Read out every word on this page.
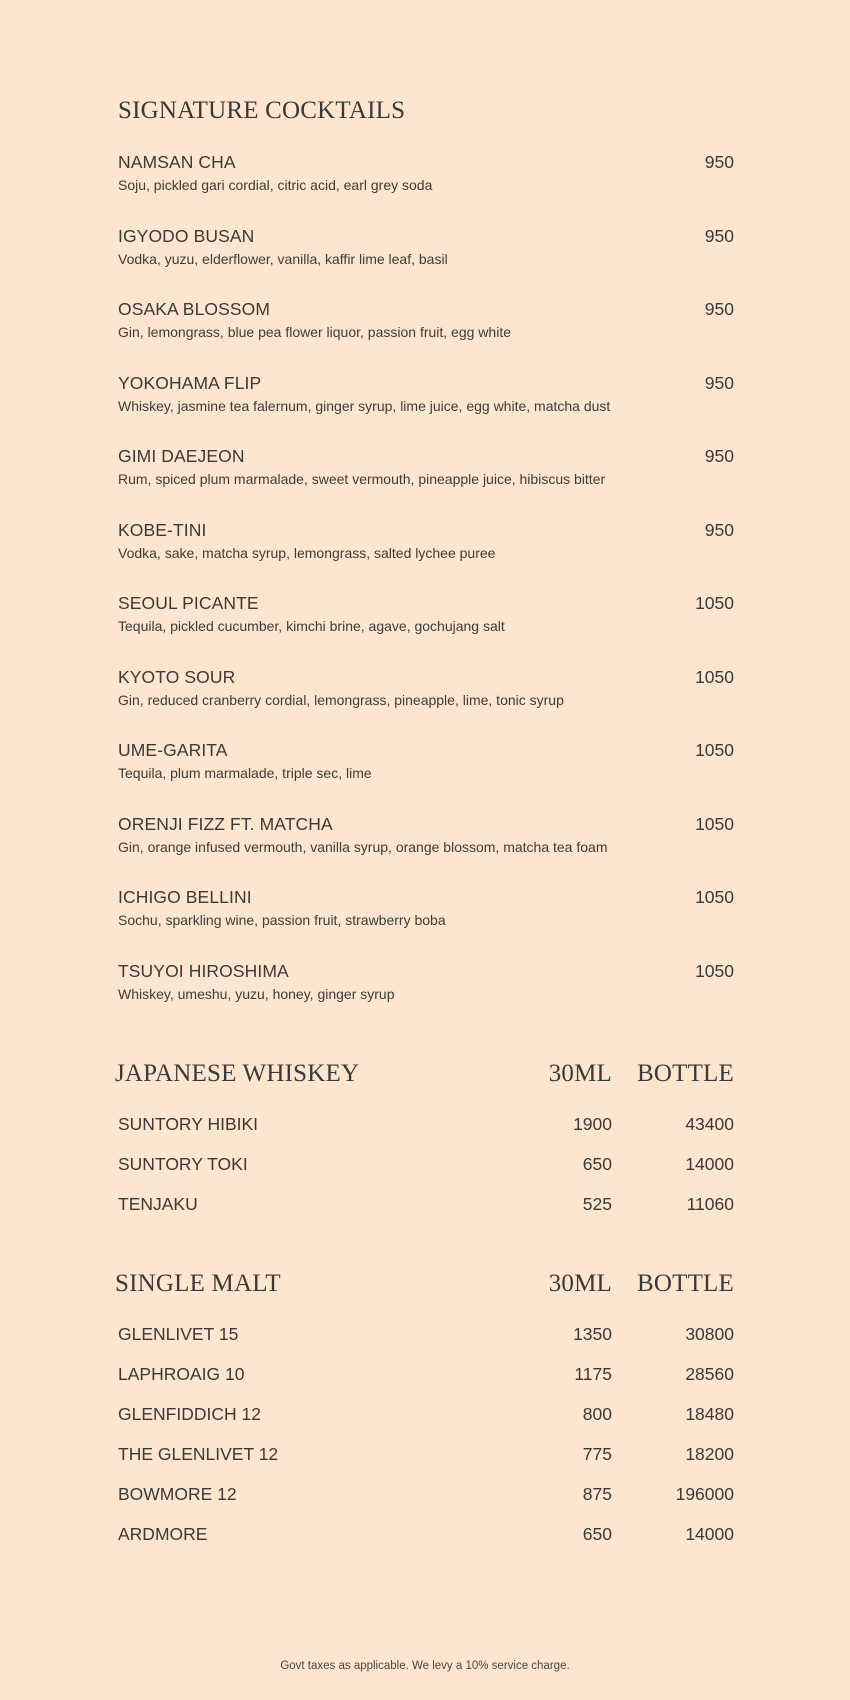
SIGNATURE COCKTAILS
NAMSAN CHA	950
Soju, pickled gari cordial, citric acid, earl grey soda
IGYODO BUSAN	950
Vodka, yuzu, elderflower, vanilla, kaffir lime leaf, basil
OSAKA BLOSSOM	950
Gin, lemongrass, blue pea flower liquor, passion fruit, egg white
YOKOHAMA FLIP	950
Whiskey, jasmine tea falernum, ginger syrup, lime juice, egg white, matcha dust
GIMI DAEJEON	950
Rum, spiced plum marmalade, sweet vermouth, pineapple juice, hibiscus bitter
KOBE-TINI	950
Vodka, sake, matcha syrup, lemongrass, salted lychee puree
SEOUL PICANTE	1050
Tequila, pickled cucumber, kimchi brine, agave, gochujang salt
KYOTO SOUR	1050
Gin, reduced cranberry cordial, lemongrass, pineapple, lime, tonic syrup
UME-GARITA	1050
Tequila, plum marmalade, triple sec, lime
ORENJI FIZZ FT. MATCHA	1050
Gin, orange infused vermouth, vanilla syrup, orange blossom, matcha tea foam
ICHIGO BELLINI	1050
Sochu, sparkling wine, passion fruit, strawberry boba
TSUYOI HIROSHIMA	1050
Whiskey, umeshu, yuzu, honey, ginger syrup
JAPANESE WHISKEY	30ML BOTTLE
SUNTORY HIBIKI	1900	43400
SUNTORY TOKI	650	14000
TENJAKU	525	11060
SINGLE MALT	30ML BOTTLE
GLENLIVET 15	1350	30800
LAPHROAIG 10	1175	28560
GLENFIDDICH 12	800	18480
THE GLENLIVET 12	775	18200
BOWMORE 12	875	196000
ARDMORE	650	14000

Govt taxes as applicable. We levy a 10% service charge.
